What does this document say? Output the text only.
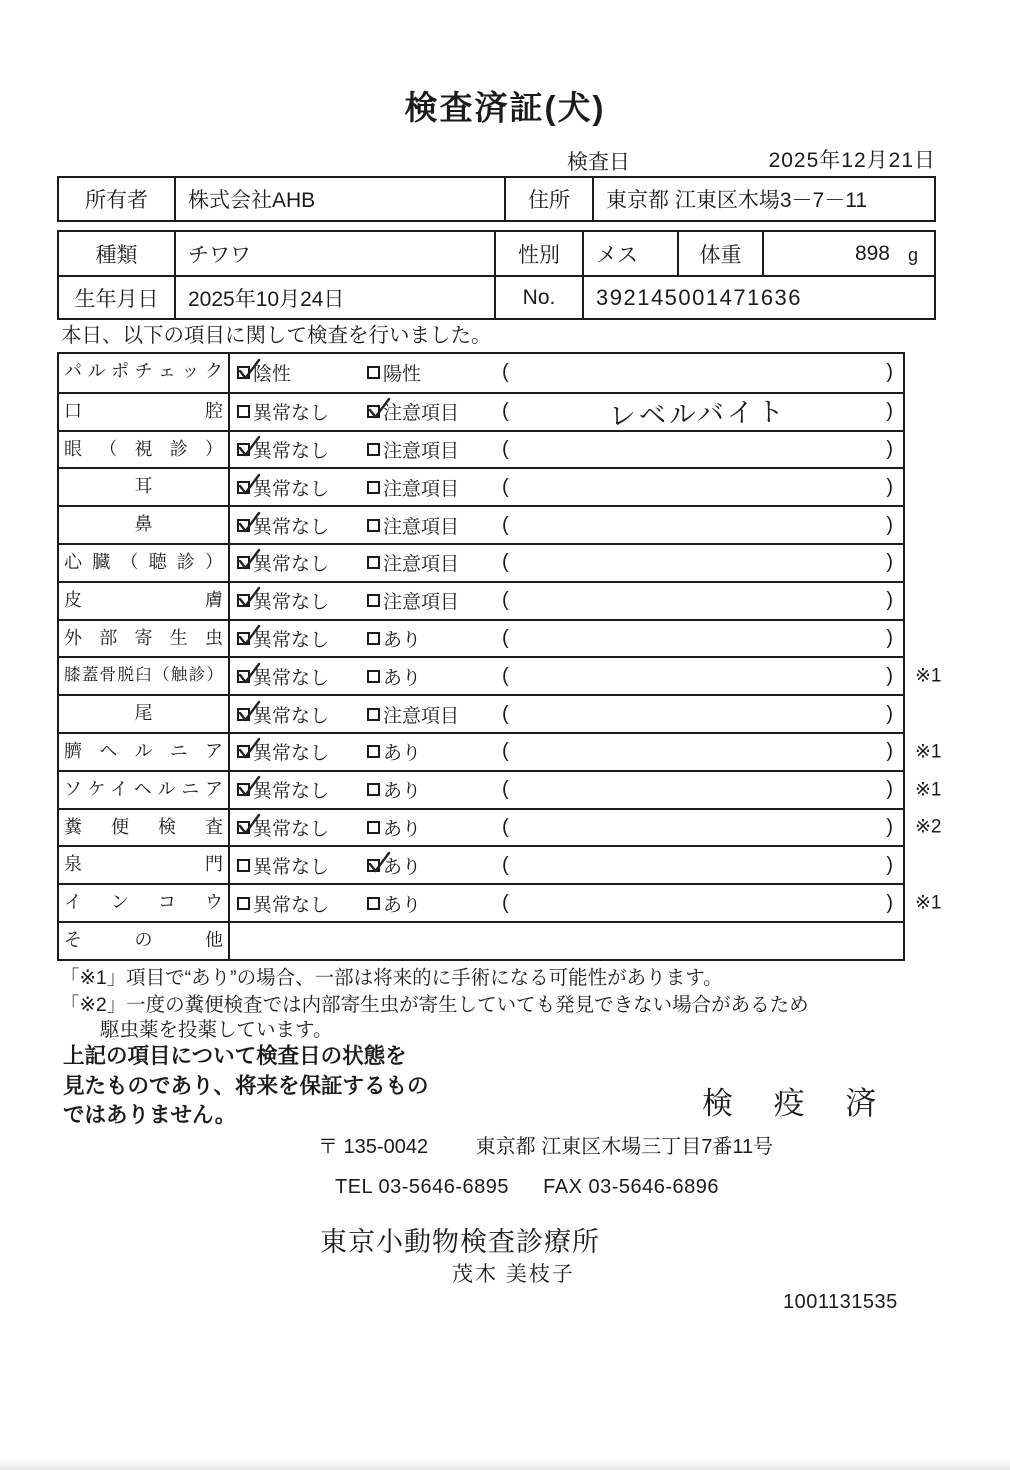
検査済証(犬)
検査日	2025年12月21日
所有者	株式会社AHB	住所	東京都 江東区木場3－7－11
種類	チワワ	性別	メス	体重	898 g
生年月日	2025年10月24日	No.	392145001471636
本日、以下の項目に関して検査を行いました。
パルポチェック	陰性	陽性	(	)
口腔	異常なし	注意項目 (	レベルバイト	)
眼（視診）	異常なし	注意項目 (	)
耳	異常なし	注意項目 (	)
鼻	異常なし	注意項目 (	)
心臓（聴診）	異常なし	注意項目 (	)
皮膚	異常なし	注意項目 (	)
外部寄生虫	異常なし	あり	(	)
膝蓋骨脱臼（触診）	異常なし	あり	(	) ※1
尾	異常なし	注意項目 (	)
臍ヘルニア	異常なし	あり	(	) ※1
ソケイヘルニア	異常なし	あり	(	) ※1
糞便検査	異常なし	あり	(	) ※2
泉門	異常なし	あり	(	)
インコウ	異常なし	あり	(	) ※1
その他
「※1」項目で“あり”の場合、一部は将来的に手術になる可能性があります。
「※2」一度の糞便検査では内部寄生虫が寄生していても発見できない場合があるため
駆虫薬を投薬しています。
上記の項目について検査日の状態を
見たものであり、将来を保証するもの
ではありません。	検 疫 済
〒 135-0042 東京都 江東区木場三丁目7番11号
TEL 03-5646-6895 FAX 03-5646-6896
東京小動物検査診療所
茂木 美枝子
1001131535
